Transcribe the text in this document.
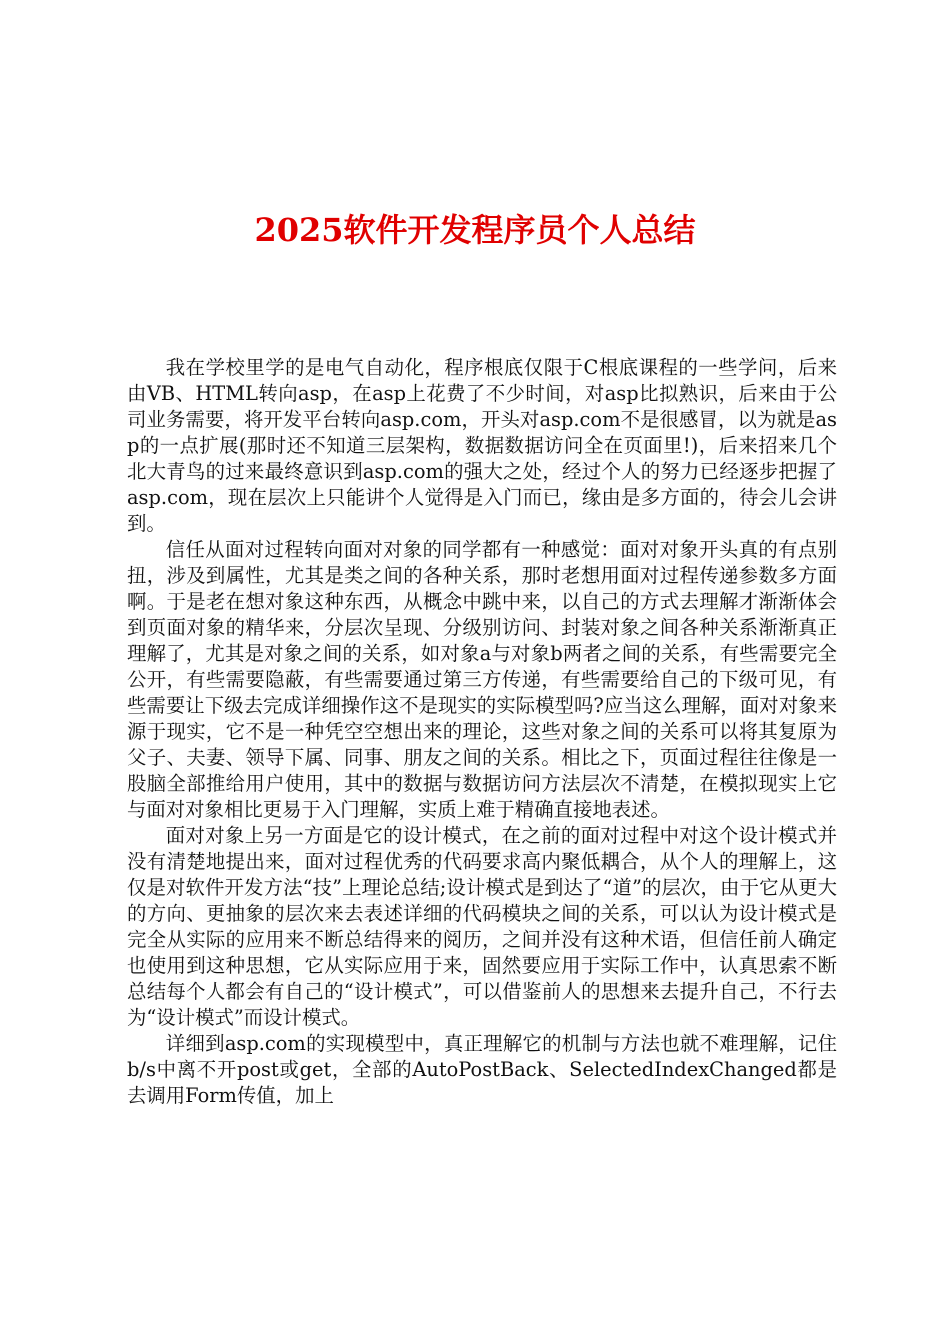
2025软件开发程序员个人总结

我在学校里学的是电气自动化，程序根底仅限于C根底课程的一些学问，后来由VB、HTML转向asp，在asp上花费了不少时间，对asp比拟熟识，后来由于公司业务需要，将开发平台转向asp.com，开头对asp.com不是很感冒，以为就是asp的一点扩展(那时还不知道三层架构，数据数据访问全在页面里!)，后来招来几个北大青鸟的过来最终意识到asp.com的强大之处，经过个人的努力已经逐步把握了asp.com，现在层次上只能讲个人觉得是入门而已，缘由是多方面的，待会儿会讲到。

信任从面对过程转向面对对象的同学都有一种感觉：面对对象开头真的有点别扭，涉及到属性，尤其是类之间的各种关系，那时老想用面对过程传递参数多方面啊。于是老在想对象这种东西，从概念中跳中来，以自己的方式去理解才渐渐体会到页面对象的精华来，分层次呈现、分级别访问、封装对象之间各种关系渐渐真正理解了，尤其是对象之间的关系，如对象a与对象b两者之间的关系，有些需要完全公开，有些需要隐蔽，有些需要通过第三方传递，有些需要给自己的下级可见，有些需要让下级去完成详细操作这不是现实的实际模型吗?应当这么理解，面对对象来源于现实，它不是一种凭空空想出来的理论，这些对象之间的关系可以将其复原为父子、夫妻、领导下属、同事、朋友之间的关系。相比之下，页面过程往往像是一股脑全部推给用户使用，其中的数据与数据访问方法层次不清楚，在模拟现实上它与面对对象相比更易于入门理解，实质上难于精确直接地表述。

面对对象上另一方面是它的设计模式，在之前的面对过程中对这个设计模式并没有清楚地提出来，面对过程优秀的代码要求高内聚低耦合，从个人的理解上，这仅是对软件开发方法“技”上理论总结;设计模式是到达了“道”的层次，由于它从更大的方向、更抽象的层次来去表述详细的代码模块之间的关系，可以认为设计模式是完全从实际的应用来不断总结得来的阅历，之间并没有这种术语，但信任前人确定也使用到这种思想，它从实际应用于来，固然要应用于实际工作中，认真思索不断总结每个人都会有自己的“设计模式”，可以借鉴前人的思想来去提升自己，不行去为“设计模式”而设计模式。

详细到asp.com的实现模型中，真正理解它的机制与方法也就不难理解，记住b/s中离不开post或get，全部的AutoPostBack、SelectedIndexChanged都是去调用Form传值，加上
